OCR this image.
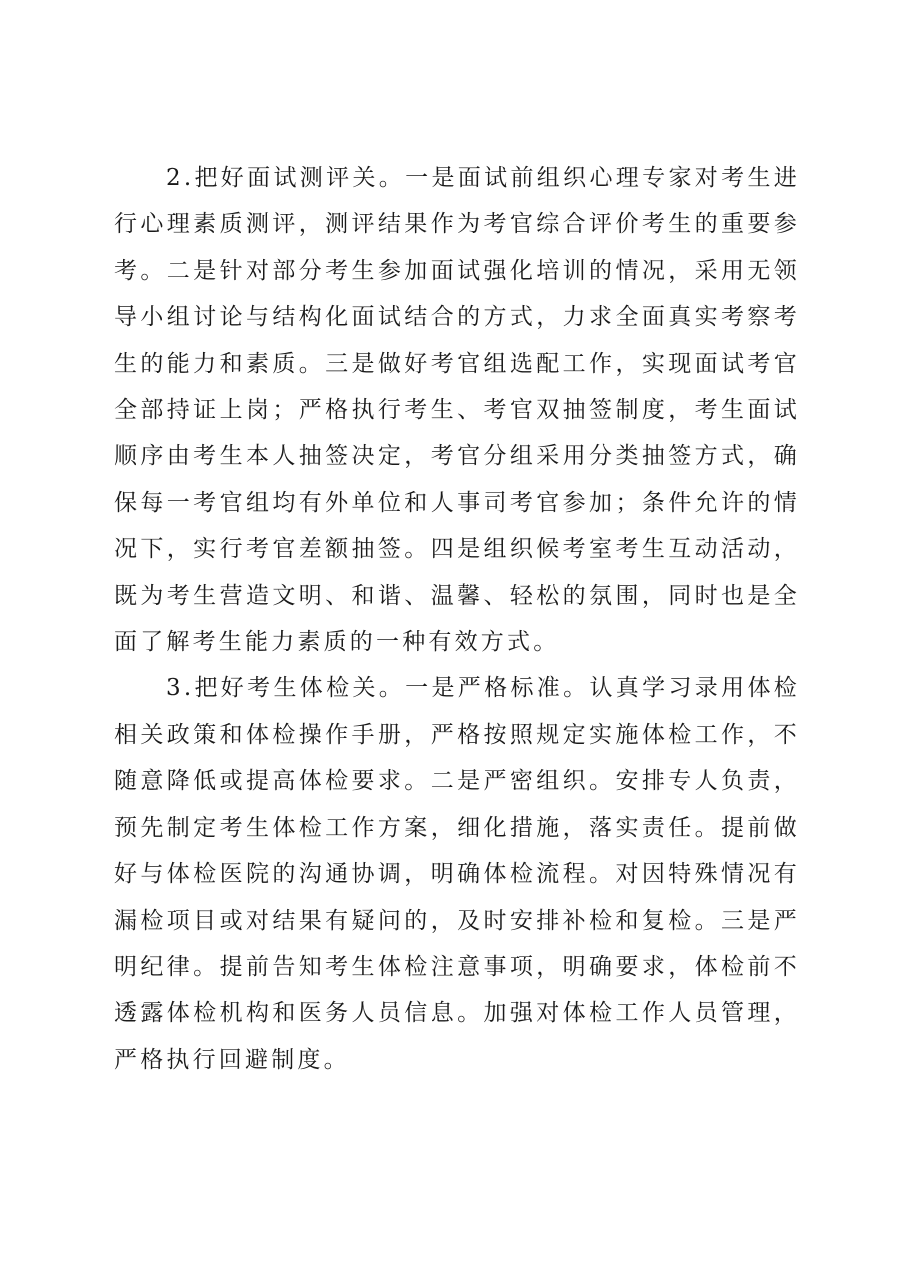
2.把好面试测评关。一是面试前组织心理专家对考生进行心理素质测评，测评结果作为考官综合评价考生的重要参考。二是针对部分考生参加面试强化培训的情况，采用无领导小组讨论与结构化面试结合的方式，力求全面真实考察考生的能力和素质。三是做好考官组选配工作，实现面试考官全部持证上岗；严格执行考生、考官双抽签制度，考生面试顺序由考生本人抽签决定，考官分组采用分类抽签方式，确保每一考官组均有外单位和人事司考官参加；条件允许的情况下，实行考官差额抽签。四是组织候考室考生互动活动，既为考生营造文明、和谐、温馨、轻松的氛围，同时也是全面了解考生能力素质的一种有效方式。

3.把好考生体检关。一是严格标准。认真学习录用体检相关政策和体检操作手册，严格按照规定实施体检工作，不随意降低或提高体检要求。二是严密组织。安排专人负责，预先制定考生体检工作方案，细化措施，落实责任。提前做好与体检医院的沟通协调，明确体检流程。对因特殊情况有漏检项目或对结果有疑问的，及时安排补检和复检。三是严明纪律。提前告知考生体检注意事项，明确要求，体检前不透露体检机构和医务人员信息。加强对体检工作人员管理，严格执行回避制度。
